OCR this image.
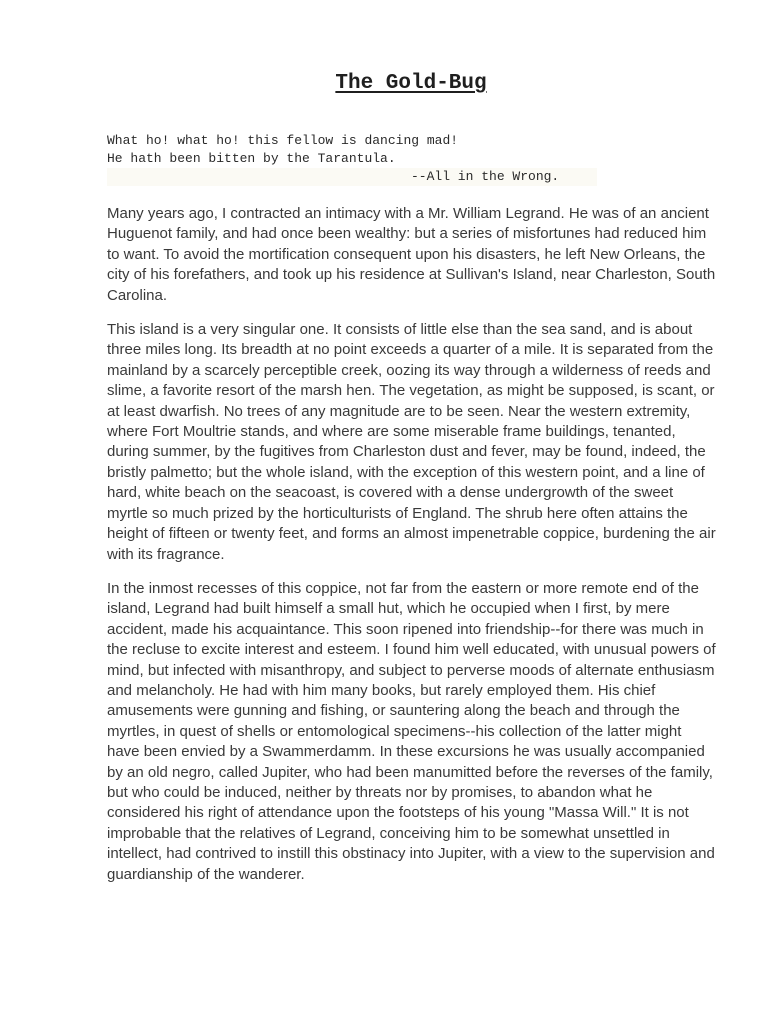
The Gold-Bug
What ho! what ho! this fellow is dancing mad!
He hath been bitten by the Tarantula.
--All in the Wrong.

Many years ago, I contracted an intimacy with a Mr. William Legrand. He was of an ancient Huguenot family, and had once been wealthy: but a series of misfortunes had reduced him to want. To avoid the mortification consequent upon his disasters, he left New Orleans, the city of his forefathers, and took up his residence at Sullivan's Island, near Charleston, South Carolina.

This island is a very singular one. It consists of little else than the sea sand, and is about three miles long. Its breadth at no point exceeds a quarter of a mile. It is separated from the mainland by a scarcely perceptible creek, oozing its way through a wilderness of reeds and slime, a favorite resort of the marsh hen. The vegetation, as might be supposed, is scant, or at least dwarfish. No trees of any magnitude are to be seen. Near the western extremity, where Fort Moultrie stands, and where are some miserable frame buildings, tenanted, during summer, by the fugitives from Charleston dust and fever, may be found, indeed, the bristly palmetto; but the whole island, with the exception of this western point, and a line of hard, white beach on the seacoast, is covered with a dense undergrowth of the sweet myrtle so much prized by the horticulturists of England. The shrub here often attains the height of fifteen or twenty feet, and forms an almost impenetrable coppice, burdening the air with its fragrance.

In the inmost recesses of this coppice, not far from the eastern or more remote end of the island, Legrand had built himself a small hut, which he occupied when I first, by mere accident, made his acquaintance. This soon ripened into friendship--for there was much in the recluse to excite interest and esteem. I found him well educated, with unusual powers of mind, but infected with misanthropy, and subject to perverse moods of alternate enthusiasm and melancholy. He had with him many books, but rarely employed them. His chief amusements were gunning and fishing, or sauntering along the beach and through the myrtles, in quest of shells or entomological specimens--his collection of the latter might have been envied by a Swammerdamm. In these excursions he was usually accompanied by an old negro, called Jupiter, who had been manumitted before the reverses of the family, but who could be induced, neither by threats nor by promises, to abandon what he considered his right of attendance upon the footsteps of his young "Massa Will." It is not improbable that the relatives of Legrand, conceiving him to be somewhat unsettled in intellect, had contrived to instill this obstinacy into Jupiter, with a view to the supervision and guardianship of the wanderer.
